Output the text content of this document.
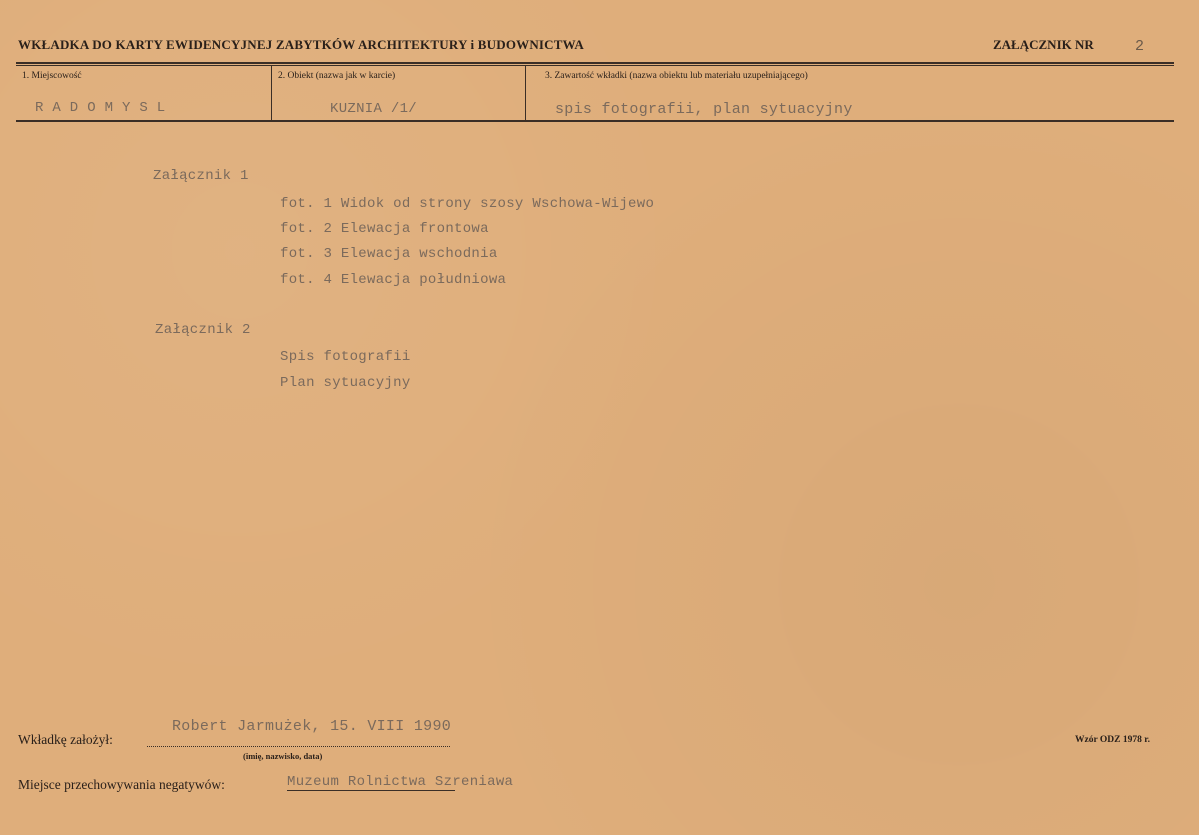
WKŁADKA DO KARTY EWIDENCYJNEJ ZABYTKÓW ARCHITEKTURY i BUDOWNICTWA	ZAŁĄCZNIK NR	2
1. Miejscowość	2. Obiekt (nazwa jak w karcie)	3. Zawartość wkładki (nazwa obiektu lub materiału uzupełniającego)
RADOMYSL	KUZNIA /1/	spis fotografii, plan sytuacyjny
Załącznik 1
fot. 1 Widok od strony szosy Wschowa-Wijewo
fot. 2 Elewacja frontowa
fot. 3 Elewacja wschodnia
fot. 4 Elewacja południowa
Załącznik 2
Spis fotografii
Plan sytuacyjny
Wkładkę założył:
Robert Jarmużek, 15. VIII 1990
(imię, nazwisko, data)
Wzór ODZ 1978 r.
Miejsce przechowywania negatywów:	Muzeum Rolnictwa Szreniawa
